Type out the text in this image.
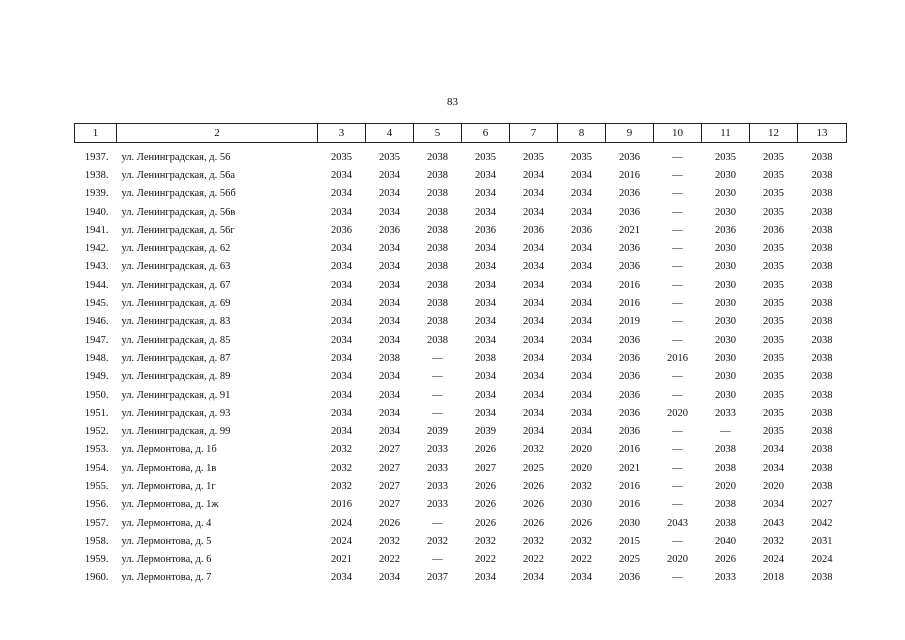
83
1	2	3	4	5	6	7	8	9	10	11	12	13
1937.	ул. Ленинградская, д. 56	2035	2035	2038	2035	2035	2035	2036	—	2035	2035	2038
1938.	ул. Ленинградская, д. 56а	2034	2034	2038	2034	2034	2034	2016	—	2030	2035	2038
1939.	ул. Ленинградская, д. 56б	2034	2034	2038	2034	2034	2034	2036	—	2030	2035	2038
1940.	ул. Ленинградская, д. 56в	2034	2034	2038	2034	2034	2034	2036	—	2030	2035	2038
1941.	ул. Ленинградская, д. 56г	2036	2036	2038	2036	2036	2036	2021	—	2036	2036	2038
1942.	ул. Ленинградская, д. 62	2034	2034	2038	2034	2034	2034	2036	—	2030	2035	2038
1943.	ул. Ленинградская, д. 63	2034	2034	2038	2034	2034	2034	2036	—	2030	2035	2038
1944.	ул. Ленинградская, д. 67	2034	2034	2038	2034	2034	2034	2016	—	2030	2035	2038
1945.	ул. Ленинградская, д. 69	2034	2034	2038	2034	2034	2034	2016	—	2030	2035	2038
1946.	ул. Ленинградская, д. 83	2034	2034	2038	2034	2034	2034	2019	—	2030	2035	2038
1947.	ул. Ленинградская, д. 85	2034	2034	2038	2034	2034	2034	2036	—	2030	2035	2038
1948.	ул. Ленинградская, д. 87	2034	2038	—	2038	2034	2034	2036	2016	2030	2035	2038
1949.	ул. Ленинградская, д. 89	2034	2034	—	2034	2034	2034	2036	—	2030	2035	2038
1950.	ул. Ленинградская, д. 91	2034	2034	—	2034	2034	2034	2036	—	2030	2035	2038
1951.	ул. Ленинградская, д. 93	2034	2034	—	2034	2034	2034	2036	2020	2033	2035	2038
1952.	ул. Ленинградская, д. 99	2034	2034	2039	2039	2034	2034	2036	—	—	2035	2038
1953.	ул. Лермонтова, д. 1б	2032	2027	2033	2026	2032	2020	2016	—	2038	2034	2038
1954.	ул. Лермонтова, д. 1в	2032	2027	2033	2027	2025	2020	2021	—	2038	2034	2038
1955.	ул. Лермонтова, д. 1г	2032	2027	2033	2026	2026	2032	2016	—	2020	2020	2038
1956.	ул. Лермонтова, д. 1ж	2016	2027	2033	2026	2026	2030	2016	—	2038	2034	2027
1957.	ул. Лермонтова, д. 4	2024	2026	—	2026	2026	2026	2030	2043	2038	2043	2042
1958.	ул. Лермонтова, д. 5	2024	2032	2032	2032	2032	2032	2015	—	2040	2032	2031
1959.	ул. Лермонтова, д. 6	2021	2022	—	2022	2022	2022	2025	2020	2026	2024	2024
1960.	ул. Лермонтова, д. 7	2034	2034	2037	2034	2034	2034	2036	—	2033	2018	2038
